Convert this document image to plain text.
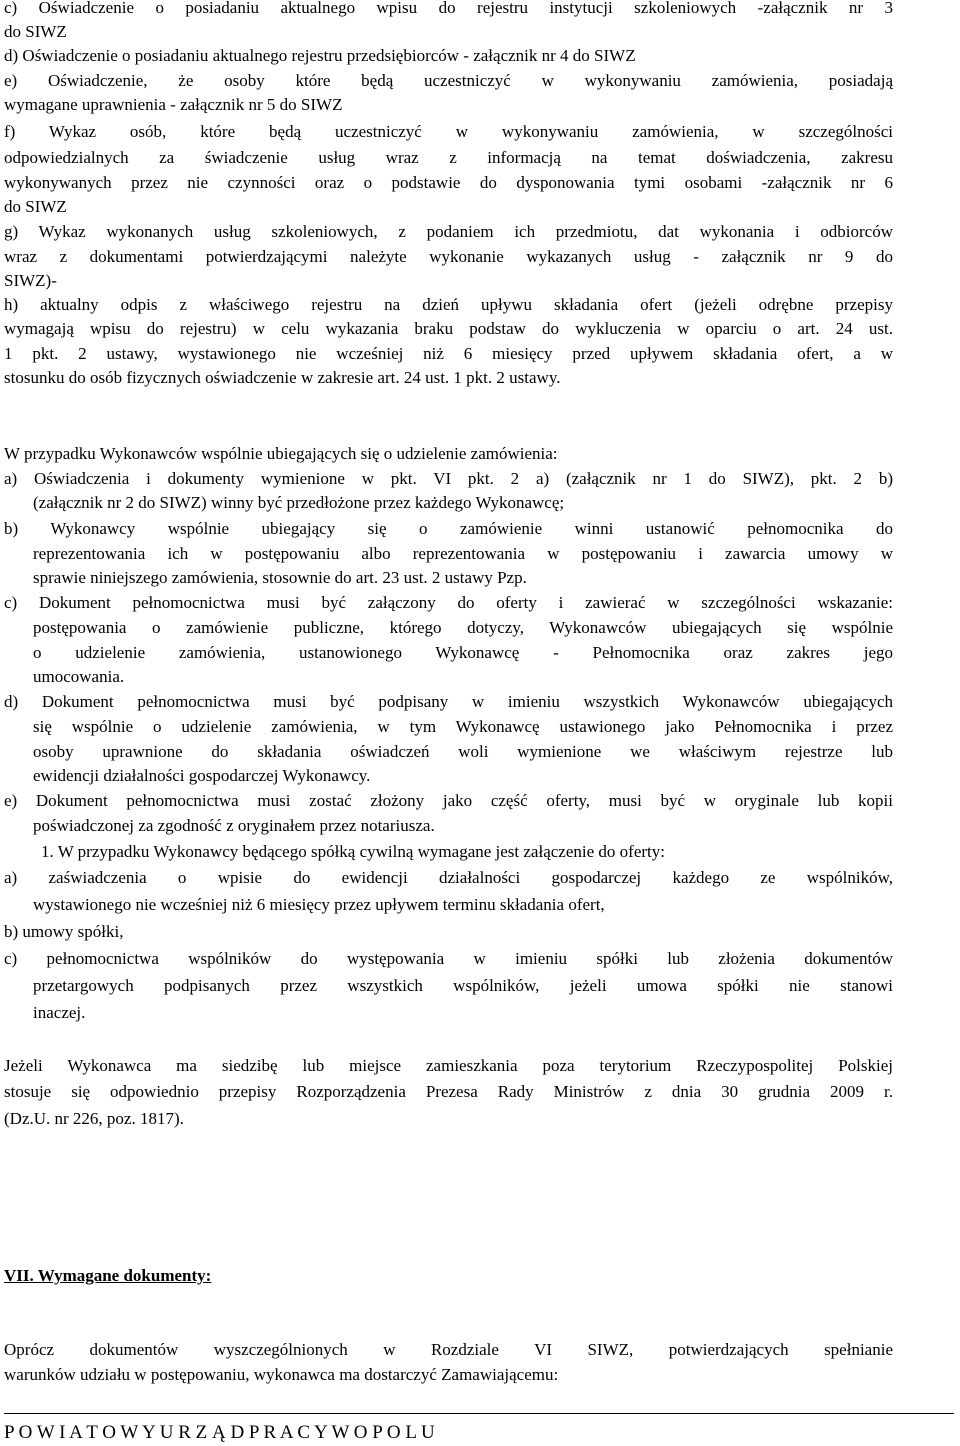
c) Oświadczenie o posiadaniu aktualnego wpisu do rejestru instytucji szkoleniowych -załącznik nr 3
do SIWZ
d) Oświadczenie o posiadaniu aktualnego rejestru przedsiębiorców - załącznik nr 4 do SIWZ
e) Oświadczenie, że osoby które będą uczestniczyć w wykonywaniu zamówienia, posiadają
wymagane uprawnienia - załącznik nr 5 do SIWZ
f) Wykaz osób, które będą uczestniczyć w wykonywaniu zamówienia, w szczególności
odpowiedzialnych za świadczenie usług wraz z informacją na temat doświadczenia, zakresu
wykonywanych przez nie czynności oraz o podstawie do dysponowania tymi osobami -załącznik nr 6
do SIWZ
g) Wykaz wykonanych usług szkoleniowych, z podaniem ich przedmiotu, dat wykonania i odbiorców
wraz z dokumentami potwierdzającymi należyte wykonanie wykazanych usług - załącznik nr 9 do
SIWZ)-
h) aktualny odpis z właściwego rejestru na dzień upływu składania ofert (jeżeli odrębne przepisy
wymagają wpisu do rejestru) w celu wykazania braku podstaw do wykluczenia w oparciu o art. 24 ust.
1 pkt. 2 ustawy, wystawionego nie wcześniej niż 6 miesięcy przed upływem składania ofert, a w
stosunku do osób fizycznych oświadczenie w zakresie art. 24 ust. 1 pkt. 2 ustawy.
W przypadku Wykonawców wspólnie ubiegających się o udzielenie zamówienia:
a) Oświadczenia i dokumenty wymienione w pkt. VI pkt. 2 a) (załącznik nr 1 do SIWZ), pkt. 2 b)
(załącznik nr 2 do SIWZ) winny być przedłożone przez każdego Wykonawcę;
b) Wykonawcy wspólnie ubiegający się o zamówienie winni ustanowić pełnomocnika do
reprezentowania ich w postępowaniu albo reprezentowania w postępowaniu i zawarcia umowy w
sprawie niniejszego zamówienia, stosownie do art. 23 ust. 2 ustawy Pzp.
c) Dokument pełnomocnictwa musi być załączony do oferty i zawierać w szczególności wskazanie:
postępowania o zamówienie publiczne, którego dotyczy, Wykonawców ubiegających się wspólnie
o udzielenie zamówienia, ustanowionego Wykonawcę - Pełnomocnika oraz zakres jego
umocowania.
d) Dokument pełnomocnictwa musi być podpisany w imieniu wszystkich Wykonawców ubiegających
się wspólnie o udzielenie zamówienia, w tym Wykonawcę ustawionego jako Pełnomocnika i przez
osoby uprawnione do składania oświadczeń woli wymienione we właściwym rejestrze lub
ewidencji działalności gospodarczej Wykonawcy.
e) Dokument pełnomocnictwa musi zostać złożony jako część oferty, musi być w oryginale lub kopii
poświadczonej za zgodność z oryginałem przez notariusza.
1. W przypadku Wykonawcy będącego spółką cywilną wymagane jest załączenie do oferty:
a) zaświadczenia o wpisie do ewidencji działalności gospodarczej każdego ze wspólników,
wystawionego nie wcześniej niż 6 miesięcy przez upływem terminu składania ofert,
b) umowy spółki,
c) pełnomocnictwa wspólników do występowania w imieniu spółki lub złożenia dokumentów
przetargowych podpisanych przez wszystkich wspólników, jeżeli umowa spółki nie stanowi
inaczej.
Jeżeli Wykonawca ma siedzibę lub miejsce zamieszkania poza terytorium Rzeczypospolitej Polskiej
stosuje się odpowiednio przepisy Rozporządzenia Prezesa Rady Ministrów z dnia 30 grudnia 2009 r.
(Dz.U. nr 226, poz. 1817).
VII. Wymagane dokumenty:
Oprócz dokumentów wyszczególnionych w Rozdziale VI SIWZ, potwierdzających spełnianie
warunków udziału w postępowaniu, wykonawca ma dostarczyć Zamawiającemu:
P O W I A T O W Y U R Z Ą D P R A C Y W O P O L U
